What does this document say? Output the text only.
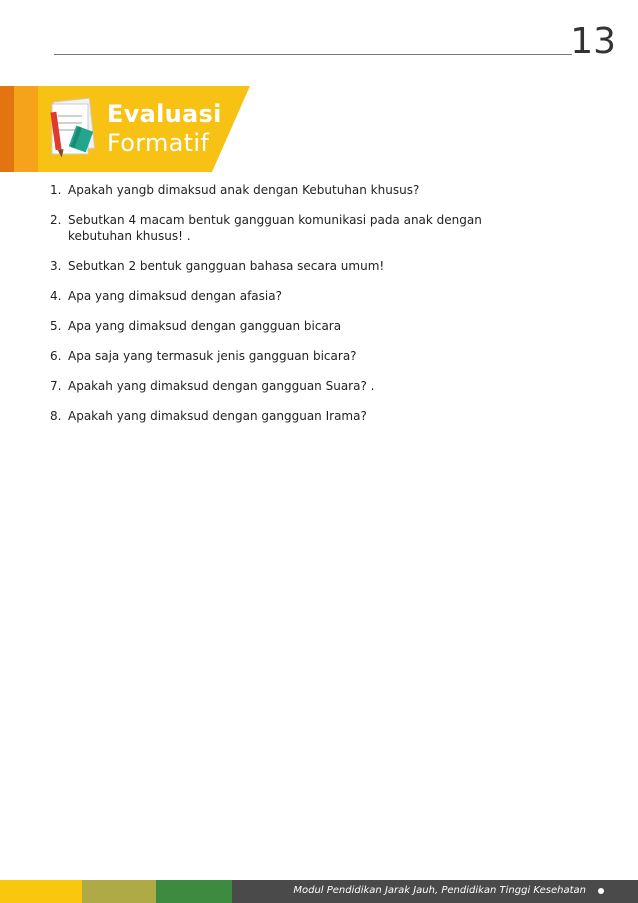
13
Evaluasi
Formatif
1. Apakah yangb dimaksud anak dengan Kebutuhan khusus?
2. Sebutkan 4 macam bentuk gangguan komunikasi pada anak dengan kebutuhan khusus! .
3. Sebutkan 2 bentuk gangguan bahasa secara umum!
4. Apa yang dimaksud dengan afasia?
5. Apa yang dimaksud dengan gangguan bicara
6. Apa saja yang termasuk jenis gangguan bicara?
7. Apakah yang dimaksud dengan gangguan Suara? .
8. Apakah yang dimaksud dengan gangguan Irama?
Modul Pendidikan Jarak Jauh, Pendidikan Tinggi Kesehatan
